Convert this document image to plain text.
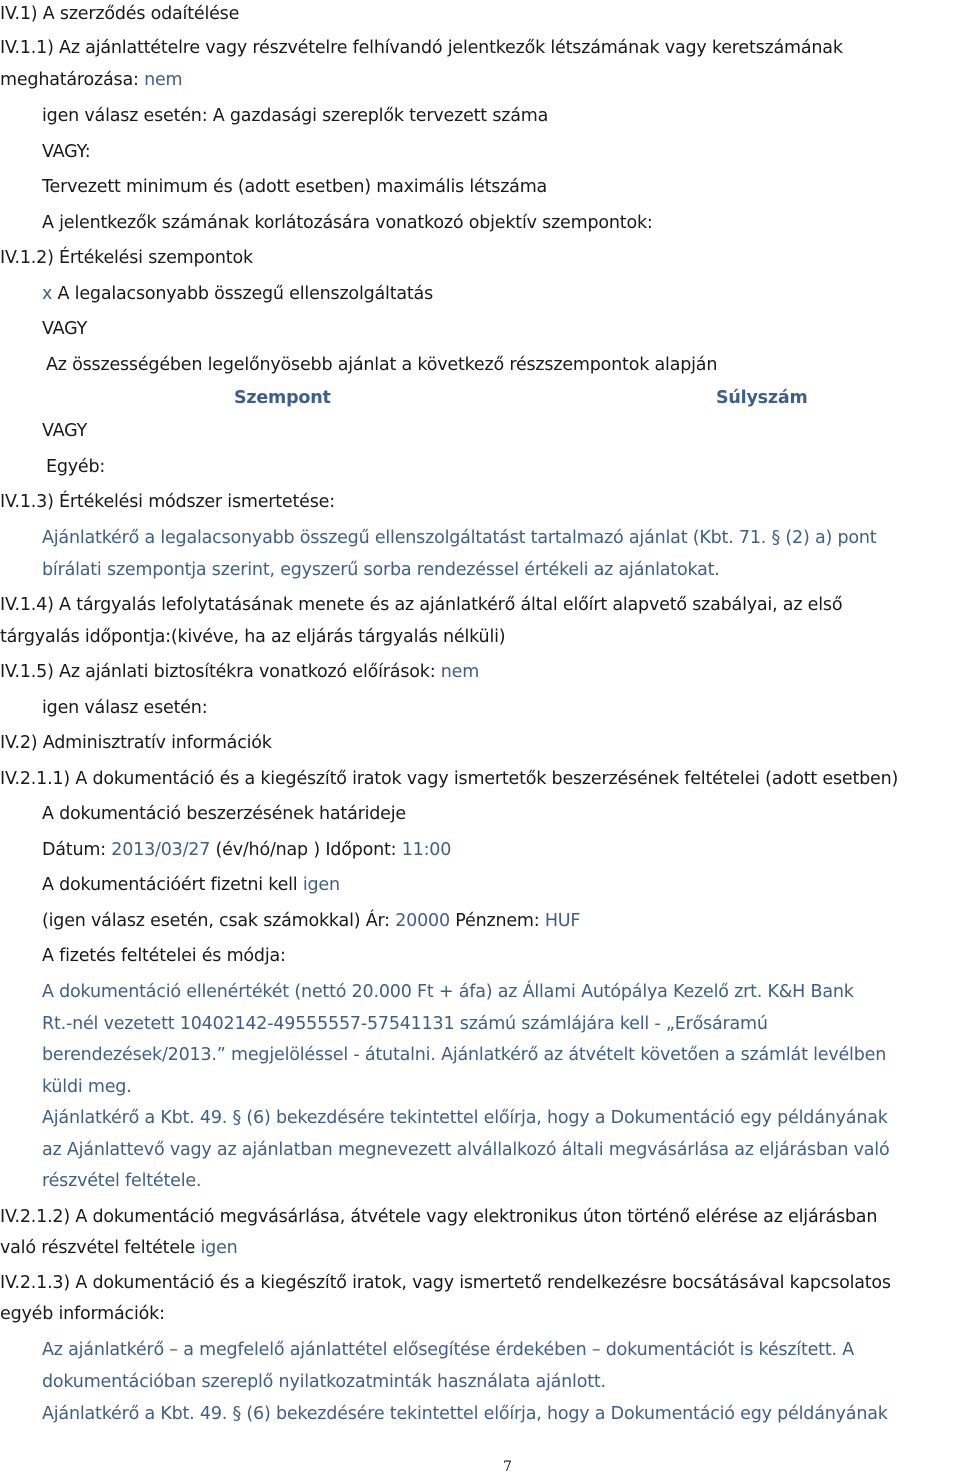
IV.1) A szerződés odaítélése
IV.1.1) Az ajánlattételre vagy részvételre felhívandó jelentkezők létszámának vagy keretszámának
meghatározása: nem
igen válasz esetén: A gazdasági szereplők tervezett száma
VAGY:
Tervezett minimum és (adott esetben) maximális létszáma
A jelentkezők számának korlátozására vonatkozó objektív szempontok:
IV.1.2) Értékelési szempontok
x A legalacsonyabb összegű ellenszolgáltatás
VAGY
Az összességében legelőnyösebb ajánlat a következő részszempontok alapján
Szempont	Súlyszám
VAGY
Egyéb:
IV.1.3) Értékelési módszer ismertetése:
Ajánlatkérő a legalacsonyabb összegű ellenszolgáltatást tartalmazó ajánlat (Kbt. 71. § (2) a) pont
bírálati szempontja szerint, egyszerű sorba rendezéssel értékeli az ajánlatokat.
IV.1.4) A tárgyalás lefolytatásának menete és az ajánlatkérő által előírt alapvető szabályai, az első
tárgyalás időpontja:(kivéve, ha az eljárás tárgyalás nélküli)
IV.1.5) Az ajánlati biztosítékra vonatkozó előírások: nem
igen válasz esetén:
IV.2) Adminisztratív információk
IV.2.1.1) A dokumentáció és a kiegészítő iratok vagy ismertetők beszerzésének feltételei (adott esetben)
A dokumentáció beszerzésének határideje
Dátum: 2013/03/27 (év/hó/nap ) Időpont: 11:00
A dokumentációért fizetni kell igen
(igen válasz esetén, csak számokkal) Ár: 20000 Pénznem: HUF
A fizetés feltételei és módja:
A dokumentáció ellenértékét (nettó 20.000 Ft + áfa) az Állami Autópálya Kezelő zrt. K&H Bank
Rt.-nél vezetett 10402142-49555557-57541131 számú számlájára kell - „Erősáramú
berendezések/2013.” megjelöléssel - átutalni. Ajánlatkérő az átvételt követően a számlát levélben
küldi meg.
Ajánlatkérő a Kbt. 49. § (6) bekezdésére tekintettel előírja, hogy a Dokumentáció egy példányának
az Ajánlattevő vagy az ajánlatban megnevezett alvállalkozó általi megvásárlása az eljárásban való
részvétel feltétele.
IV.2.1.2) A dokumentáció megvásárlása, átvétele vagy elektronikus úton történő elérése az eljárásban
való részvétel feltétele igen
IV.2.1.3) A dokumentáció és a kiegészítő iratok, vagy ismertető rendelkezésre bocsátásával kapcsolatos
egyéb információk:
Az ajánlatkérő – a megfelelő ajánlattétel elősegítése érdekében – dokumentációt is készített. A
dokumentációban szereplő nyilatkozatminták használata ajánlott.
Ajánlatkérő a Kbt. 49. § (6) bekezdésére tekintettel előírja, hogy a Dokumentáció egy példányának
7
